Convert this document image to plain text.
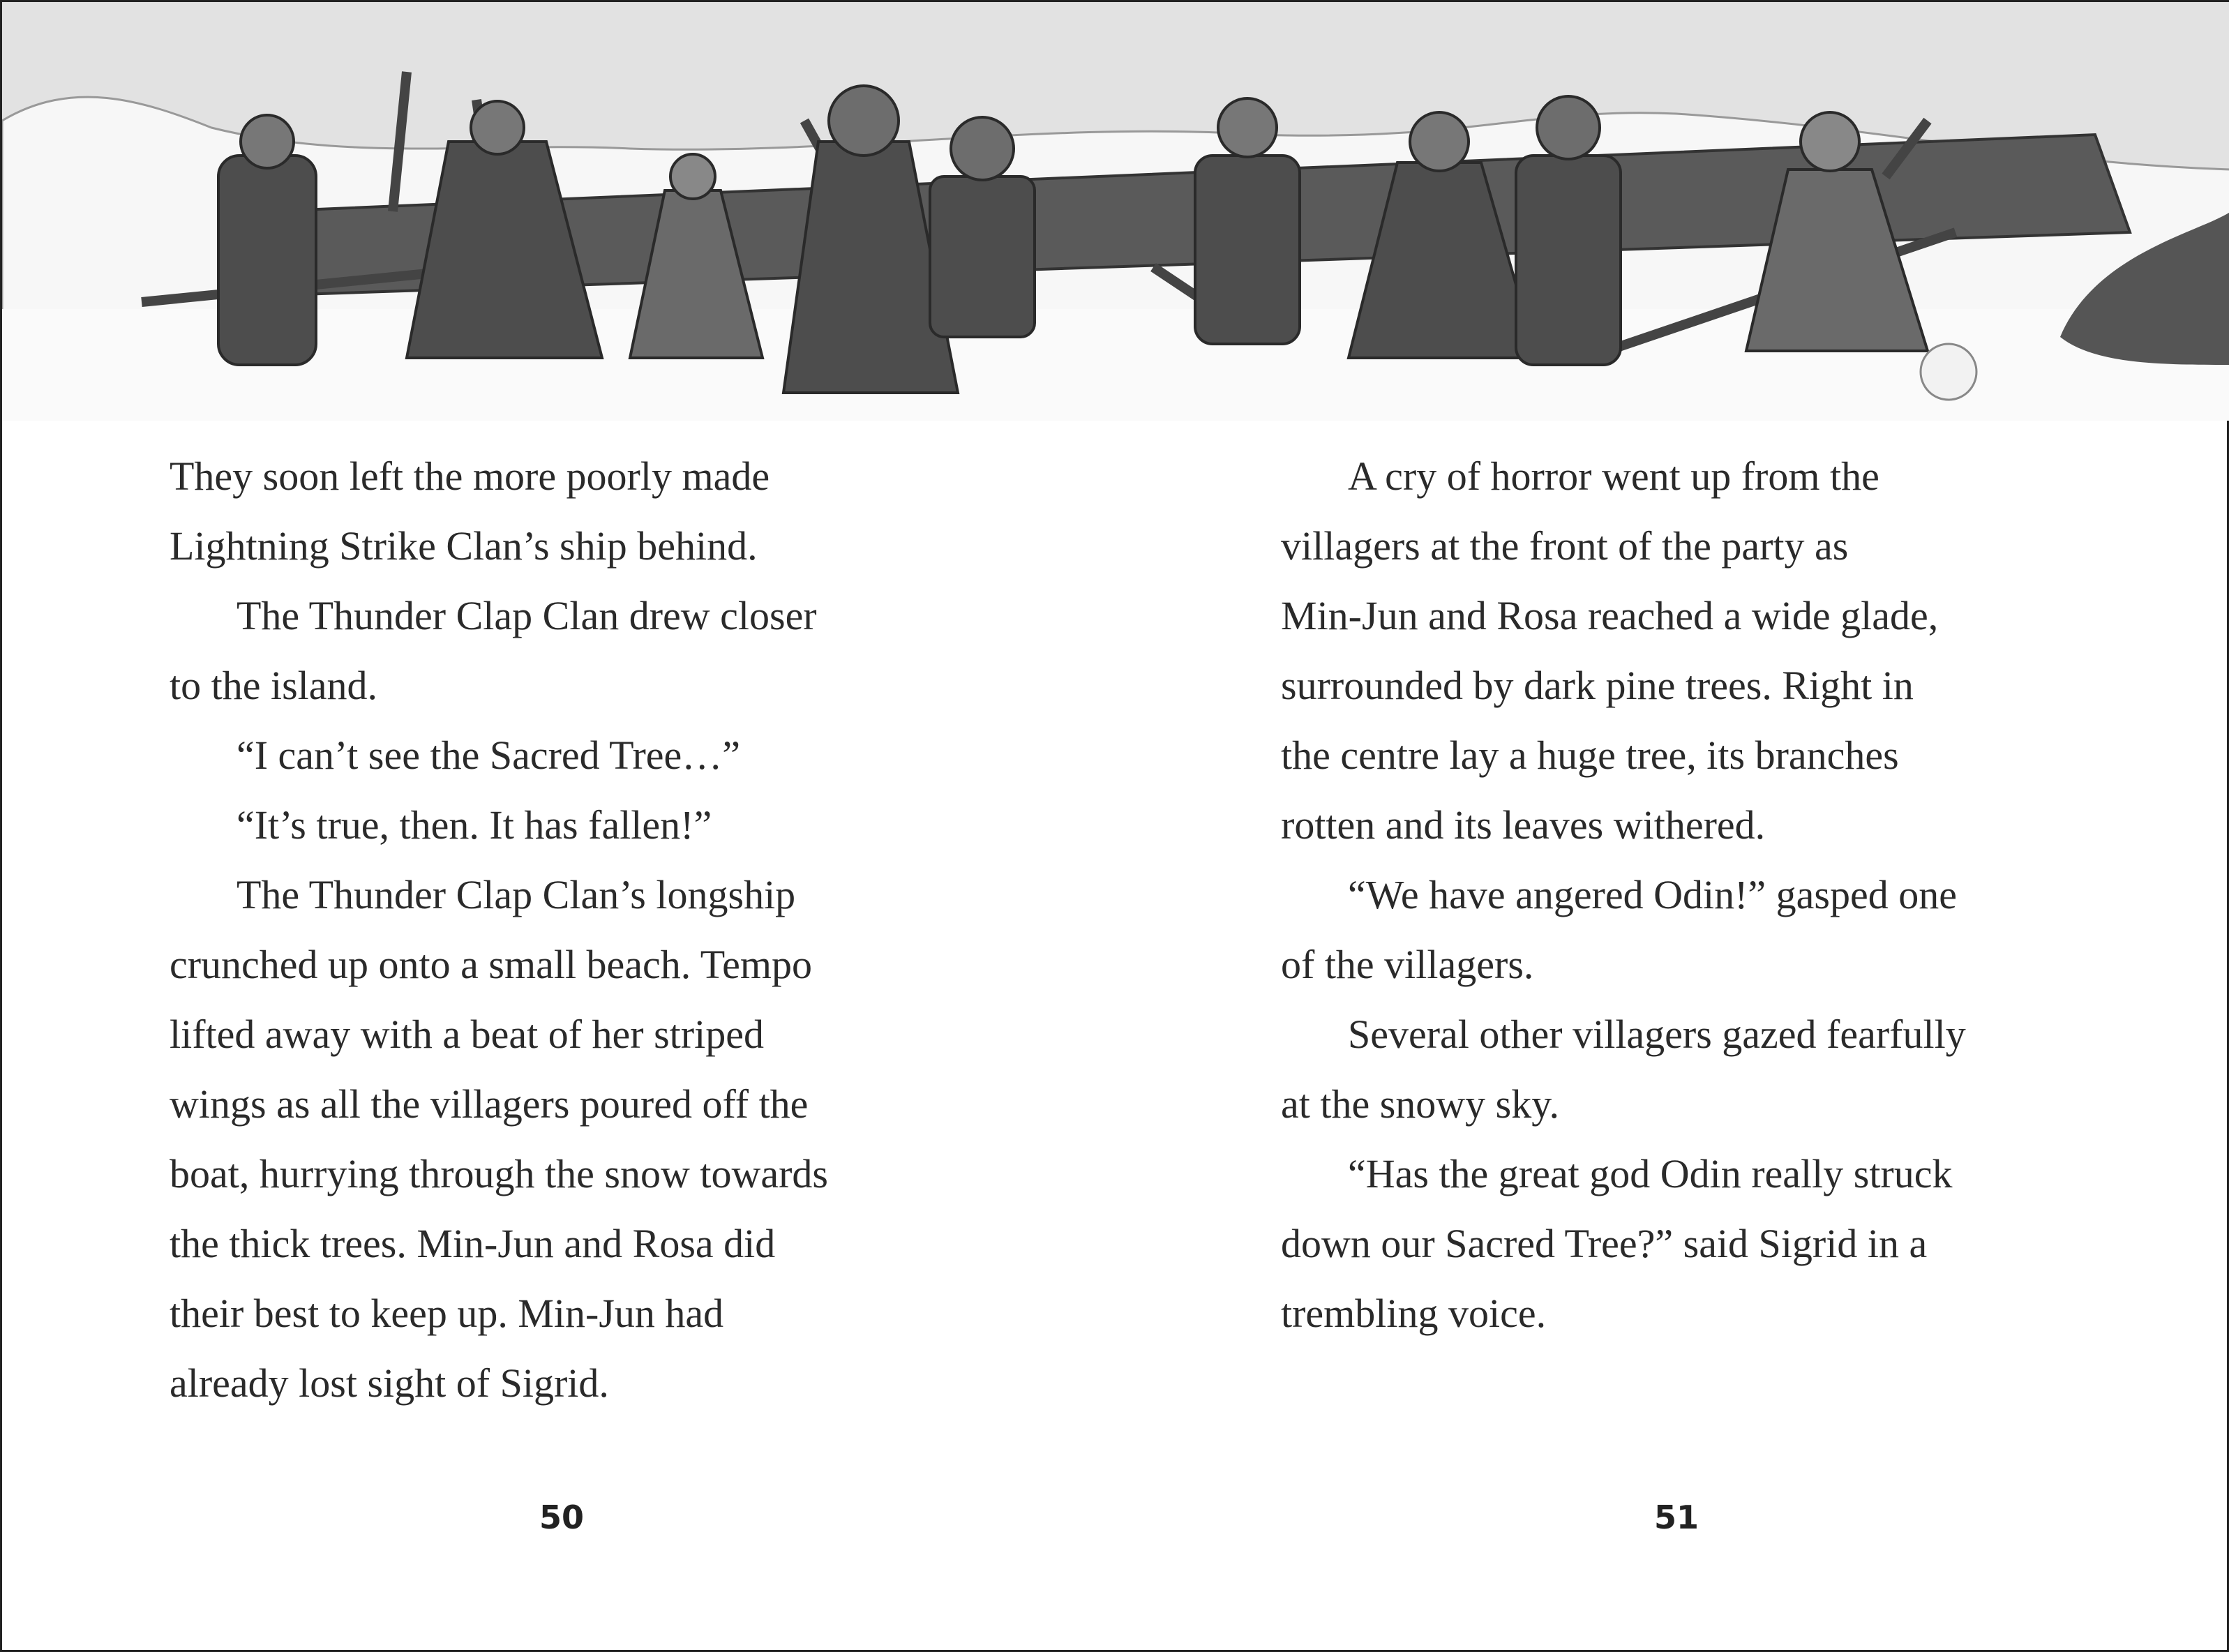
They soon left the more poorly made
Lightning Strike Clan’s ship behind.
The Thunder Clap Clan drew closer
to the island.
“I can’t see the Sacred Tree…”
“It’s true, then. It has fallen!”
The Thunder Clap Clan’s longship
crunched up onto a small beach. Tempo
lifted away with a beat of her striped
wings as all the villagers poured off the
boat, hurrying through the snow towards
the thick trees. Min-Jun and Rosa did
their best to keep up. Min-Jun had
already lost sight of Sigrid.
A cry of horror went up from the
villagers at the front of the party as
Min-Jun and Rosa reached a wide glade,
surrounded by dark pine trees. Right in
the centre lay a huge tree, its branches
rotten and its leaves withered.
“We have angered Odin!” gasped one
of the villagers.
Several other villagers gazed fearfully
at the snowy sky.
“Has the great god Odin really struck
down our Sacred Tree?” said Sigrid in a
trembling voice.
50	51
